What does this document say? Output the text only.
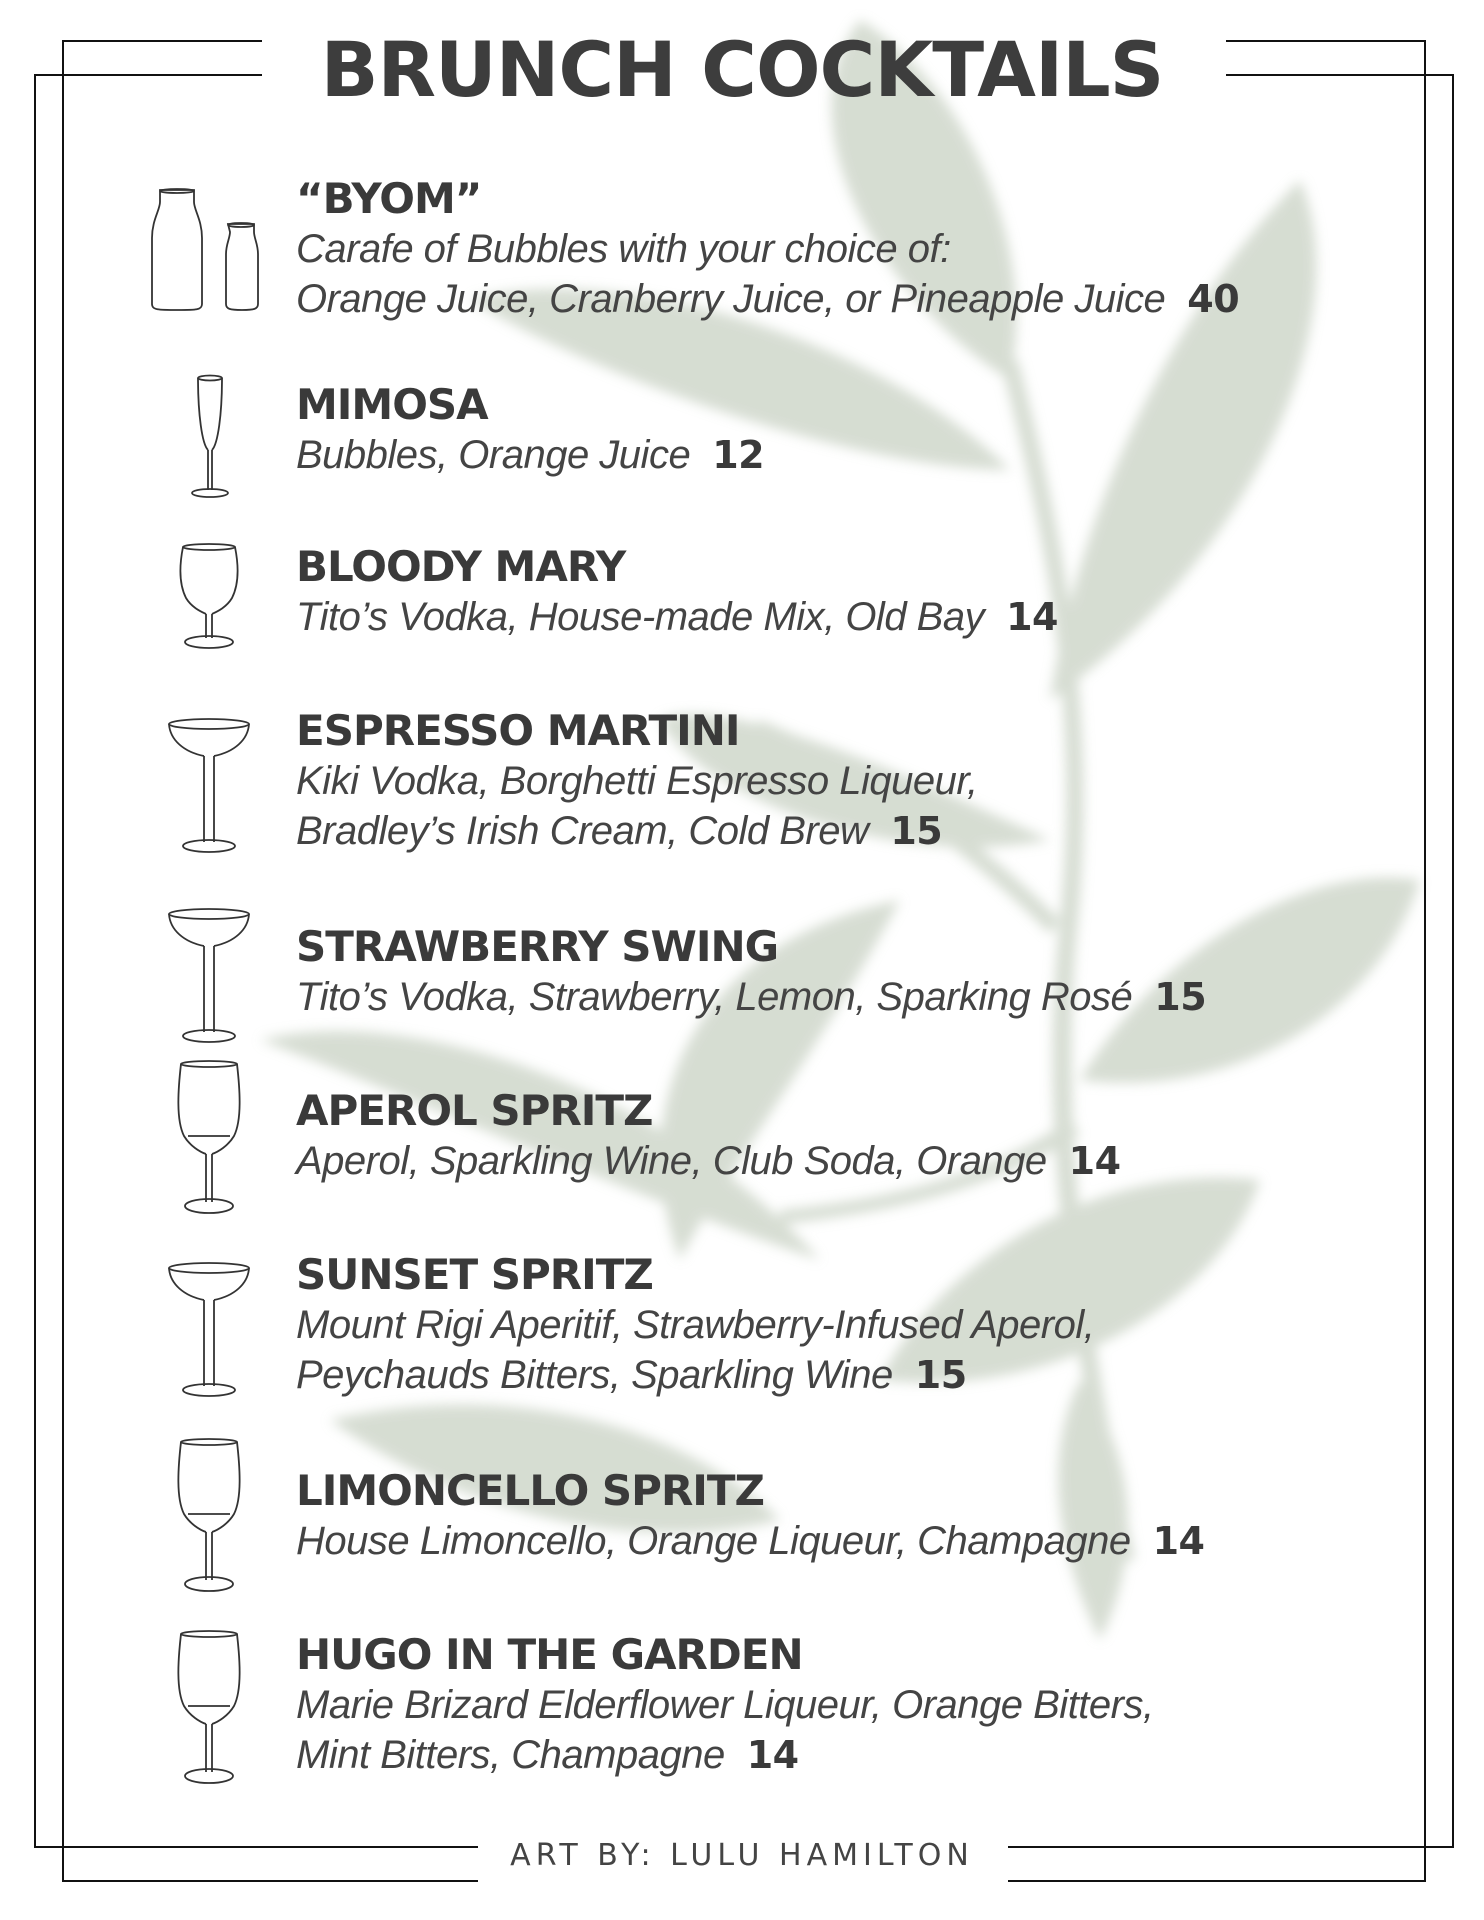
BRUNCH COCKTAILS
“BYOM”
Carafe of Bubbles with your choice of:
Orange Juice, Cranberry Juice, or Pineapple Juice 40
MIMOSA
Bubbles, Orange Juice 12
BLOODY MARY
Tito’s Vodka, House-made Mix, Old Bay 14
ESPRESSO MARTINI
Kiki Vodka, Borghetti Espresso Liqueur,
Bradley’s Irish Cream, Cold Brew 15
STRAWBERRY SWING
Tito’s Vodka, Strawberry, Lemon, Sparking Rosé 15
APEROL SPRITZ
Aperol, Sparkling Wine, Club Soda, Orange 14
SUNSET SPRITZ
Mount Rigi Aperitif, Strawberry-Infused Aperol,
Peychauds Bitters, Sparkling Wine 15
LIMONCELLO SPRITZ
House Limoncello, Orange Liqueur, Champagne 14
HUGO IN THE GARDEN
Marie Brizard Elderflower Liqueur, Orange Bitters,
Mint Bitters, Champagne 14
ART BY: LULU HAMILTON
